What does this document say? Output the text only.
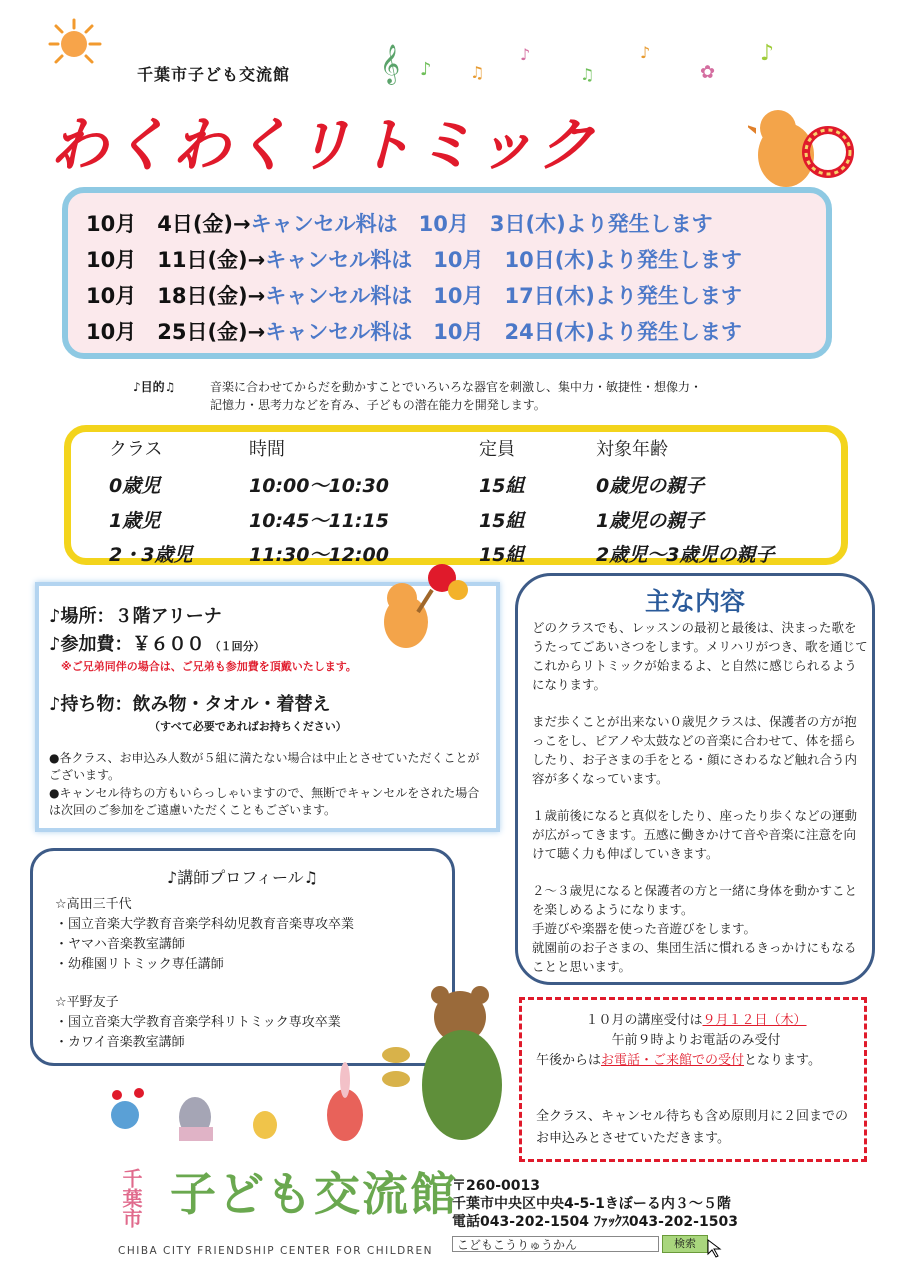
千葉市子ども交流館
わくわくリトミック
𝄞 ♪ ♫
♪
♫
♪
✿
♪
10月　4日(金)→キャンセル料は　10月　3日(木)より発生します
10月　11日(金)→キャンセル料は　10月　10日(木)より発生します
10月　18日(金)→キャンセル料は　10月　17日(木)より発生します
10月　25日(金)→キャンセル料は　10月　24日(木)より発生します
♪目的♫	音楽に合わせてからだを動かすことでいろいろな器官を刺激し、集中力・敏捷性・想像力・
記憶力・思考力などを育み、子どもの潜在能力を開発します。
クラス	時間	定員	対象年齢
0歳児	10:00～10:30	15組	0歳児の親子
1歳児	10:45～11:15	15組	1歳児の親子
2・3歳児	11:30～12:00	15組	2歳児～3歳児の親子
♪場所：３階アリーナ
♪参加費：￥６００ （１回分）
※ご兄弟同伴の場合は、ご兄弟も参加費を頂戴いたします。
♪持ち物：飲み物・タオル・着替え
（すべて必要であればお持ちください）
●各クラス、お申込み人数が５組に満たない場合は中止とさせていただくことがございます。
●キャンセル待ちの方もいらっしゃいますので、無断でキャンセルをされた場合は次回のご参加をご遠慮いただくこともございます。
♪講師プロフィール♫
☆高田三千代
・国立音楽大学教育音楽学科幼児教育音楽専攻卒業
・ヤマハ音楽教室講師
・幼稚園リトミック専任講師
☆平野友子
・国立音楽大学教育音楽学科リトミック専攻卒業
・カワイ音楽教室講師
主な内容
どのクラスでも、レッスンの最初と最後は、決まった歌をうたってごあいさつをします。メリハリがつき、歌を通じてこれからリトミックが始まるよ、と自然に感じられるようになります。
まだ歩くことが出来ない０歳児クラスは、保護者の方が抱っこをし、ピアノや太鼓などの音楽に合わせて、体を揺らしたり、お子さまの手をとる・顔にさわるなど触れ合う内容が多くなっています。
１歳前後になると真似をしたり、座ったり歩くなどの運動が広がってきます。五感に働きかけて音や音楽に注意を向けて聴く力も伸ばしていきます。
２～３歳児になると保護者の方と一緒に身体を動かすことを楽しめるようになります。
手遊びや楽器を使った音遊びをします。
就園前のお子さまの、集団生活に慣れるきっかけにもなることと思います。
１０月の講座受付は９月１２日（木）
午前９時よりお電話のみ受付
午後からはお電話・ご来館での受付となります。
全クラス、キャンセル待ちも含め原則月に２回までのお申込みとさせていただきます。
千葉市 子ども交流館
CHIBA CITY FRIENDSHIP CENTER FOR CHILDREN
〒260-0013
千葉市中央区中央4-5-1きぼーる内３～５階
電話043-202-1504 ﾌｧｯｸｽ043-202-1503
こどもこうりゅうかん
検索
